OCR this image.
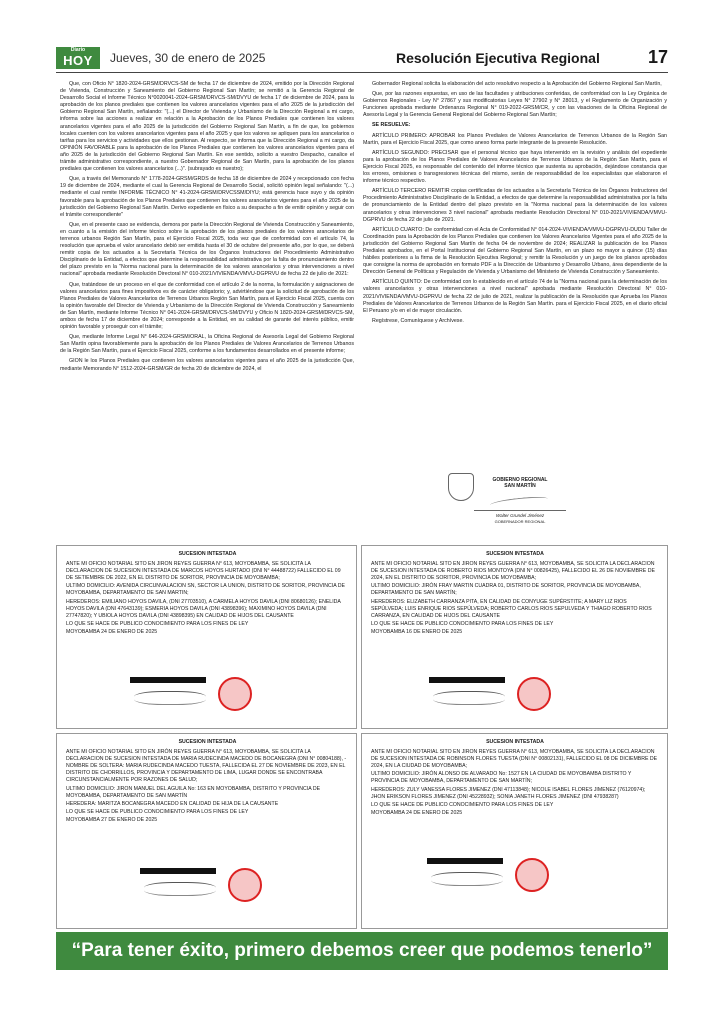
Diario
HOY	Jueves, 30 de enero de 2025	Resolución Ejecutiva Regional	17

Que, con Oficio N° 1820-2024-GRSM/DRVCS-SM de fecha 17 de diciembre de 2024, emitido por la Dirección Regional de Vivienda, Construcción y Saneamiento del Gobierno Regional San Martín; se remitió a la Gerencia Regional de Desarrollo Social el Informe Técnico N°0020041-2024-GRSM/DRVCS-SM/DVYU de fecha 17 de diciembre de 2024, para la aprobación de los planos prediales que contienen los valores arancelarios vigentes para el año 2025 de la jurisdicción del Gobierno Regional San Martín, señalando: "(...) el Director de Vivienda y Urbanismo de la Dirección Regional a mi cargo, informa sobre las acciones a realizar en relación a la Aprobación de los Planos Prediales que contienen los valores arancelarios vigentes para el año 2025 de la jurisdicción del Gobierno Regional San Martín, a fin de que, los gobiernos locales cuenten con los valores arancelarios vigentes para el año 2025 y que los valores se apliquen para los arancelarios o tarifas para los servicios y actividades que ellos gestionan. Al respecto, se informa que la Dirección Regional a mi cargo, da OPINIÓN FAVORABLE para la aprobación de los Planos Prediales que contienen los valores arancelarios vigentes para el año 2025 de la jurisdicción del Gobierno Regional San Martín. En ese sentido, solicito a vuestro Despacho, canalice el trámite administrativo correspondiente, a nuestro Gobernador Regional de San Martín, para la aprobación de los planos prediales que contienen los valores arancelarios (...)". (subrayado es nuestro);

Que, a través del Memorando N° 1778-2024-GRSM/GRDS de fecha 18 de diciembre de 2024 y recepcionado con fecha 19 de diciembre de 2024, mediante el cual la Gerencia Regional de Desarrollo Social, solicitó opinión legal señalando: "(...) mediante el cual remite INFORME TÉCNICO N° 41-2024-GRSM/DRVCSSM/DIYU; está gerencia hace suyo y da opinión favorable para la aprobación de los Planos Prediales que contienen los valores arancelarios vigentes para el año 2025 de la jurisdicción del Gobierno Regional San Martín. Derivo expediente en físico a su despacho a fin de emitir opinión y seguir con el trámite correspondiente"

Que, en el presente caso se evidencia, demora por parte la Dirección Regional de Vivienda Construcción y Saneamiento, en cuanto a la emisión del informe técnico sobre la aprobación de los planos prediales de los valores arancelarios de terrenos urbanos Región San Martín, para el Ejercicio Fiscal 2025, toda vez que de conformidad con el artículo 74, la resolución que aprueba el valor arancelario debió ser emitida hasta el 30 de octubre del presente año, por lo que, se deberá remitir copia de los actuados a la Secretaría Técnica de los Órganos Instructores del Procedimiento Administrativo Disciplinario de la Entidad, a efectos que determine la responsabilidad administrativa por la falta de pronunciamiento dentro del plazo previsto en la "Norma nacional para la determinación de los valores arancelarios y otras intervenciones a nivel nacional" aprobada mediante Resolución Directoral N° 010-2021/VIVIENDA/VMVU-DGPRVU de fecha 22 de julio de 2021:

Que, tratándose de un proceso en el que de conformidad con el artículo 2 de la norma, la formulación y asignaciones de valores arancelarios para fines impositivos es de carácter obligatorio; y, advirtiéndose que la solicitud de aprobación de los Planos Prediales de Valores Arancelarios de Terrenos Urbanos Región San Martín, para el Ejercicio Fiscal 2025, cuenta con la opinión favorable del Director de Vivienda y Urbanismo de la Dirección Regional de Vivienda Construcción y Saneamiento de San Martín, mediante Informe Técnico N° 041-2024-GRSM/DRVCS-SM/DVYU y Oficio N 1820-2024-GRSM/DRVCS-SM, ambos de fecha 17 de diciembre de 2024; corresponde a la Entidad, en su calidad de garante del interés público, emitir opinión favorable y proseguir con el trámite;

Que, mediante Informe Legal N° 646-2024-GRSM/ORAL, la Oficina Regional de Asesoría Legal del Gobierno Regional San Martín opina favorablemente para la aprobación de los Planos Prediales de Valores Arancelarios de Terrenos Urbanos de la Región San Martín, para el Ejercicio Fiscal 2025, conforme a los fundamentos desarrollados en el presente informe;

GION le los Planos Prediales que contienen los valores arancelarios vigentes para el año 2025 de la jurisdicción Que, mediante Memorando N° 1512-2024-GRSM/GR de fecha 20 de diciembre de 2024, el

Gobernador Regional solicita la elaboración del acto resolutivo respecto a la Aprobación del Gobierno Regional San Martín,

Que, por las razones expuestas, en uso de las facultades y atribuciones conferidas, de conformidad con la Ley Orgánica de Gobiernos Regionales - Ley N° 27867 y sus modificatorias Leyes N° 27902 y N° 28013, y el Reglamento de Organización y Funciones aprobada mediante Ordenanza Regional N° 019-2022-GRSM/CR, y con las visaciones de la Oficina Regional de Asesoría Legal y la Gerencia General Regional del Gobierno Regional San Martín;

SE RESUELVE:

ARTÍCULO PRIMERO: APROBAR los Planos Prediales de Valores Arancelarios de Terrenos Urbanos de la Región San Martín, para el Ejercicio Fiscal 2025, que como anexo forma parte integrante de la presente Resolución.

ARTÍCULO SEGUNDO: PRECISAR que el personal técnico que haya intervenido en la revisión y análisis del expediente para la aprobación de los Planos Prediales de Valores Arancelarios de Terrenos Urbanos de la Región San Martín, para el Ejercicio Fiscal 2025, es responsable del contenido del informe técnico que sustenta su aprobación, dejándose constancia que los errores, omisiones o transgresiones técnicas del mismo, serán de responsabilidad de los especialistas que elaboraron el informe técnico respectivo.

ARTÍCULO TERCERO REMITIR copias certificadas de los actuados a la Secretaría Técnica de los Órganos Instructores del Procedimiento Administrativo Disciplinario de la Entidad, a efectos de que determine la responsabilidad administrativa por la falta de pronunciamiento de la Entidad dentro del plazo previsto en la "Norma nacional para la determinación de los valores arancelarios y otras intervenciones 3 nivel nacional" aprobada mediante Resolución Directoral N° 010-2021/VIVIENDA/VMVU-DGPRVU de fecha 22 de julio de 2021.

ARTÍCULO CUARTO: De conformidad con el Acta de Conformidad N° 014-2024-VIVIENDA/VMVU-DGPRVU-DUDU Taller de Coordinación para la Aprobación de los Planos Prediales que contienen los Valores Arancelarios Vigentes para el año 2025 de la jurisdicción del Gobierno Regional San Martín de fecha 04 de noviembre de 2024; REALIZAR la publicación de los Planos Prediales aprobados, en el Portal Institucional del Gobierno Regional San Martín, en un plazo no mayor a quince (15) días hábiles posteriores a la firma de la Resolución Ejecutiva Regional; y remitir la Resolución y un juego de los planos aprobados que consigne la norma de aprobación en formato PDF a la Dirección de Urbanismo y Desarrollo Urbano, área dependiente de la Dirección General de Políticas y Regulación de Vivienda y Urbanismo del Ministerio de Vivienda Construcción y Saneamiento.

ARTÍCULO QUINTO: De conformidad con lo establecido en el artículo 74 de la "Norma nacional para la determinación de los valores arancelarios y otras intervenciones a nivel nacional" aprobada mediante Resolución Directoral N° 010-2021/VIVIENDA/VMVU-DGPRVU de fecha 22 de julio de 2021, realizar la publicación de la Resolución que Aprueba los Planos Prediales de Valores Arancelarios de Terrenos Urbanos de la Región San Martín. para el Ejercicio Fiscal 2025, en el diario oficial El Peruano y/o en el de mayor circulación.

Regístrese, Comuníquese y Archívese.

GOBIERNO REGIONAL
SAN MARTÍN
Walter Grundel Jiménez
GOBERNADOR REGIONAL
SUCESION INTESTADA

ANTE MI OFICIO NOTARIAL SITO EN JIRON REYES GUERRA N° 613, MOYOBAMBA, SE SOLICITA LA DECLARACION DE SUCESION INTESTADA DE MARCOS HOYOS HURTADO (DNI N° 44488722) FALLECIDO EL 09 DE SETIEMBRE DE 2022, EN EL DISTRITO DE SORITOR, PROVINCIA DE MOYOBAMBA;

ULTIMO DOMICILIO: AVENIDA CIRCUNVALACION SN, SECTOR LA UNION, DISTRITO DE SORITOR, PROVINCIA DE MOYOBAMBA, DEPARTAMENTO DE SAN MARTIN;

HEREDEROS: EMILIANO HOYOS DAVILA, (DNI 27703510), A CARMELA HOYOS DAVILA (DNI 80680126); ENELIDA HOYOS DAVILA (DNI 47643139); ESMERIA HOYOS DAVILA (DNI 43898396); MAXIMINO HOYOS DAVILA (DNI 27747820); Y UBIOLA HOYOS DAVILA (DNI 43898395) EN CALIDAD DE HIJOS DEL CAUSANTE

LO QUE SE HACE DE PUBLICO CONOCIMIENTO PARA LOS FINES DE LEY

MOYOBAMBA 24 DE ENERO DE 2025

SUCESION INTESTADA

ANTE MI OFICIO NOTARIAL SITO EN JIRON REYES GUERRA N° 613, MOYOBAMBA, SE SOLICITA LA DECLARACION DE SUCESION INTESTADA DE ROBERTO RIOS MONTOYA (DNI N° 00826425), FALLECIDO EL 26 DE NOVIEMBRE DE 2024, EN EL DISTRITO DE SORITOR, PROVINCIA DE MOYOBAMBA;

ULTIMO DOMICILIO: JIRÓN FRAY MARTIN CUADRA 01, DISTRITO DE SORITOR, PROVINCIA DE MOYOBAMBA, DEPARTAMENTO DE SAN MARTÍN;

HEREDEROS: ELIZABETH CARRANZA PITA, EN CALIDAD DE CONYUGE SUPÉRSTITE; A MARY LIZ RIOS SEPÚLVEDA; LUIS ENRIQUE RIOS SEPÚLVEDA; ROBERTO CARLOS RIOS SEPULVEDA Y THIAGO ROBERTO RIOS CARRANZA, EN CALIDAD DE HIJOS DEL CAUSANTE

LO QUE SE HACE DE PUBLICO CONOCIMIENTO PARA LOS FINES DE LEY

MOYOBAMBA 16 DE ENERO DE 2025

SUCESION INTESTADA

ANTE MI OFICIO NOTARIAL SITO EN JIRÓN REYES GUERRA N° 613, MOYOBAMBA, SE SOLICITA LA DECLARACION DE SUCESION INTESTADA DE MARIA RUDECINDA MACEDO DE BOCANEGRA (DNI N° 00804188), -NOMBRE DE SOLTERA: MARIA RUDECINDA MACEDO TUESTA, FALLECIDA EL 27 DE NOVIEMBRE DE 2023, EN EL DISTRITO DE CHORRILLOS, PROVINCIA Y DEPARTAMENTO DE LIMA, LUGAR DONDE SE ENCONTRABA CIRCUNSTANCIALMENTE POR RAZONES DE SALUD;

ULTIMO DOMICILIO: JIRON MANUEL DEL AGUILA No: 163 EN MOYOBAMBA, DISTRITO Y PROVINCIA DE MOYOBAMBA, DEPARTAMENTO DE SAN MARTÍN

HEREDERA: MARITZA BOCANEGRA MACEDO EN CALIDAD DE HIJA DE LA CAUSANTE

LO QUE SE HACE DE PUBLICO CONOCIMIENTO PARA LOS FINES DE LEY

MOYOBAMBA 27 DE ENERO DE 2025

SUCESION INTESTADA

ANTE MI OFICIO NOTARIAL SITO EN JIRON REYES GUERRA N° 613, MOYOBAMBA, SE SOLICITA LA DECLARACION DE SUCESION INTESTADA DE ROBINSON FLORES TUESTA (DNI N° 00802131), FALLECIDO EL 08 DE DICIEMBRE DE 2024, EN LA CIUDAD DE MOYOBAMBA;

ULTIMO DOMICILIO: JIRÓN ALONSO DE ALVARADO No: 1527 EN LA CIUDAD DE MOYOBAMBA DISTRITO Y PROVINCIA DE MOYOBAMBA, DEPARTAMENTO DE SAN MARTÍN;

HEREDEROS: ZULY VANESSA FLORES JIMENEZ (DNI 47113848); NICOLE ISABEL FLORES JIMENEZ (76120974); JHON ERIKSON FLORES JIMENEZ (DNI 45228932); SONIA JANETH FLORES JIMENEZ (DNI 47938287)

LO QUE SE HACE DE PUBLICO CONOCIMIENTO PARA LOS FINES DE LEY

MOYOBAMBA 24 DE ENERO DE 2025

“Para tener éxito, primero debemos creer que podemos tenerlo”
